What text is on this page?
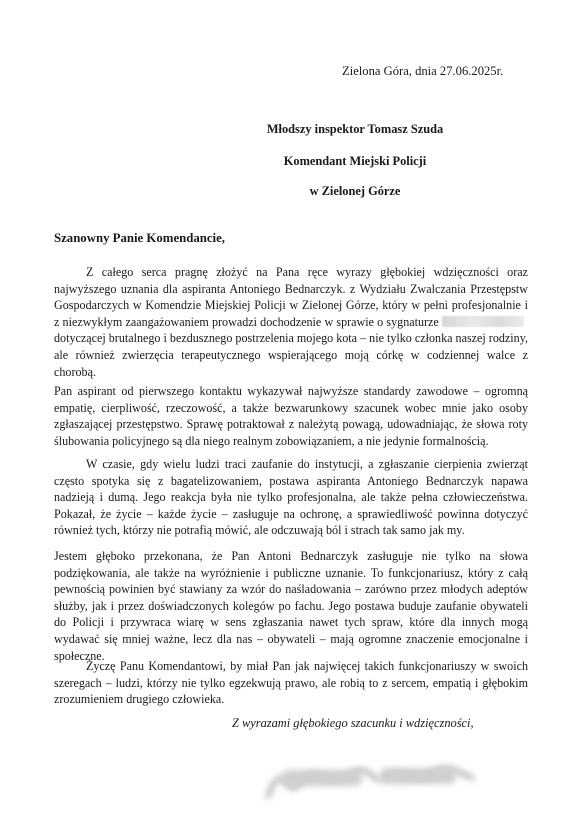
Zielona Góra, dnia 27.06.2025r.
Młodszy inspektor Tomasz Szuda
Komendant Miejski Policji
w Zielonej Górze
Szanowny Panie Komendancie,
Z całego serca pragnę złożyć na Pana ręce wyrazy głębokiej wdzięczności oraz najwyższego uznania dla aspiranta Antoniego Bednarczyk. z Wydziału Zwalczania Przestępstw Gospodarczych w Komendzie Miejskiej Policji w Zielonej Górze, który w pełni profesjonalnie i z niezwykłym zaangażowaniem prowadzi dochodzenie w sprawie o sygnaturze dotyczącej brutalnego i bezdusznego postrzelenia mojego kota – nie tylko członka naszej rodziny, ale również zwierzęcia terapeutycznego wspierającego moją córkę w codziennej walce z chorobą.
Pan aspirant od pierwszego kontaktu wykazywał najwyższe standardy zawodowe – ogromną empatię, cierpliwość, rzeczowość, a także bezwarunkowy szacunek wobec mnie jako osoby zgłaszającej przestępstwo. Sprawę potraktował z należytą powagą, udowadniając, że słowa roty ślubowania policyjnego są dla niego realnym zobowiązaniem, a nie jedynie formalnością.
W czasie, gdy wielu ludzi traci zaufanie do instytucji, a zgłaszanie cierpienia zwierząt często spotyka się z bagatelizowaniem, postawa aspiranta Antoniego Bednarczyk napawa nadzieją i dumą. Jego reakcja była nie tylko profesjonalna, ale także pełna człowieczeństwa. Pokazał, że życie – każde życie – zasługuje na ochronę, a sprawiedliwość powinna dotyczyć również tych, którzy nie potrafią mówić, ale odczuwają ból i strach tak samo jak my.
Jestem głęboko przekonana, że Pan Antoni Bednarczyk zasługuje nie tylko na słowa podziękowania, ale także na wyróżnienie i publiczne uznanie. To funkcjonariusz, który z całą pewnością powinien być stawiany za wzór do naśladowania – zarówno przez młodych adeptów służby, jak i przez doświadczonych kolegów po fachu. Jego postawa buduje zaufanie obywateli do Policji i przywraca wiarę w sens zgłaszania nawet tych spraw, które dla innych mogą wydawać się mniej ważne, lecz dla nas – obywateli – mają ogromne znaczenie emocjonalne i społeczne.
Życzę Panu Komendantowi, by miał Pan jak najwięcej takich funkcjonariuszy w swoich szeregach – ludzi, którzy nie tylko egzekwują prawo, ale robią to z sercem, empatią i głębokim zrozumieniem drugiego człowieka.
Z wyrazami głębokiego szacunku i wdzięczności,
